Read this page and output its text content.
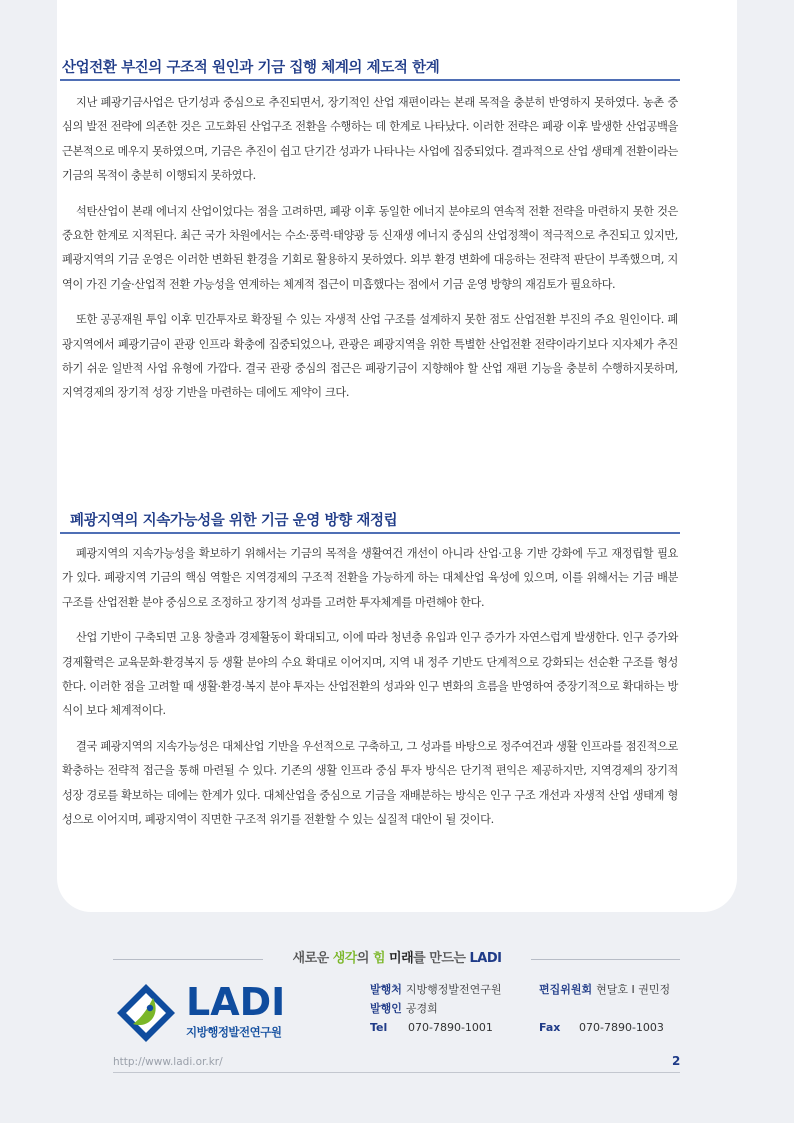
산업전환 부진의 구조적 원인과 기금 집행 체계의 제도적 한계

지난 폐광기금사업은 단기성과 중심으로 추진되면서, 장기적인 산업 재편이라는 본래 목적을 충분히 반영하지 못하였다. 농촌 중심의 발전 전략에 의존한 것은 고도화된 산업구조 전환을 수행하는 데 한계로 나타났다. 이러한 전략은 폐광 이후 발생한 산업공백을 근본적으로 메우지 못하였으며, 기금은 추진이 쉽고 단기간 성과가 나타나는 사업에 집중되었다. 결과적으로 산업 생태계 전환이라는 기금의 목적이 충분히 이행되지 못하였다.

석탄산업이 본래 에너지 산업이었다는 점을 고려하면, 폐광 이후 동일한 에너지 분야로의 연속적 전환 전략을 마련하지 못한 것은 중요한 한계로 지적된다. 최근 국가 차원에서는 수소·풍력·태양광 등 신재생 에너지 중심의 산업정책이 적극적으로 추진되고 있지만, 폐광지역의 기금 운영은 이러한 변화된 환경을 기회로 활용하지 못하였다. 외부 환경 변화에 대응하는 전략적 판단이 부족했으며, 지역이 가진 기술·산업적 전환 가능성을 연계하는 체계적 접근이 미흡했다는 점에서 기금 운영 방향의 재검토가 필요하다.

또한 공공재원 투입 이후 민간투자로 확장될 수 있는 자생적 산업 구조를 설계하지 못한 점도 산업전환 부진의 주요 원인이다. 폐광지역에서 폐광기금이 관광 인프라 확충에 집중되었으나, 관광은 폐광지역을 위한 특별한 산업전환 전략이라기보다 지자체가 추진하기 쉬운 일반적 사업 유형에 가깝다. 결국 관광 중심의 접근은 폐광기금이 지향해야 할 산업 재편 기능을 충분히 수행하지못하며, 지역경제의 장기적 성장 기반을 마련하는 데에도 제약이 크다.

폐광지역의 지속가능성을 위한 기금 운영 방향 재정립

폐광지역의 지속가능성을 확보하기 위해서는 기금의 목적을 생활여건 개선이 아니라 산업·고용 기반 강화에 두고 재정립할 필요가 있다. 폐광지역 기금의 핵심 역할은 지역경제의 구조적 전환을 가능하게 하는 대체산업 육성에 있으며, 이를 위해서는 기금 배분 구조를 산업전환 분야 중심으로 조정하고 장기적 성과를 고려한 투자체계를 마련해야 한다.

산업 기반이 구축되면 고용 창출과 경제활동이 확대되고, 이에 따라 청년층 유입과 인구 증가가 자연스럽게 발생한다. 인구 증가와 경제활력은 교육문화·환경복지 등 생활 분야의 수요 확대로 이어지며, 지역 내 정주 기반도 단계적으로 강화되는 선순환 구조를 형성한다. 이러한 점을 고려할 때 생활·환경·복지 분야 투자는 산업전환의 성과와 인구 변화의 흐름을 반영하여 중장기적으로 확대하는 방식이 보다 체계적이다.

결국 폐광지역의 지속가능성은 대체산업 기반을 우선적으로 구축하고, 그 성과를 바탕으로 정주여건과 생활 인프라를 점진적으로 확충하는 전략적 접근을 통해 마련될 수 있다. 기존의 생활 인프라 중심 투자 방식은 단기적 편익은 제공하지만, 지역경제의 장기적 성장 경로를 확보하는 데에는 한계가 있다. 대체산업을 중심으로 기금을 재배분하는 방식은 인구 구조 개선과 자생적 산업 생태계 형성으로 이어지며, 폐광지역이 직면한 구조적 위기를 전환할 수 있는 실질적 대안이 될 것이다.

새로운 생각의 힘 미래를 만드는 LADI
LADI
지방행정발전연구원
발행처 지방행정발전연구원
발행인 공경희
Tel 070-7890-1001
편집위원회 현달호 I 권민정
Fax 070-7890-1003
http://www.ladi.or.kr/	2
